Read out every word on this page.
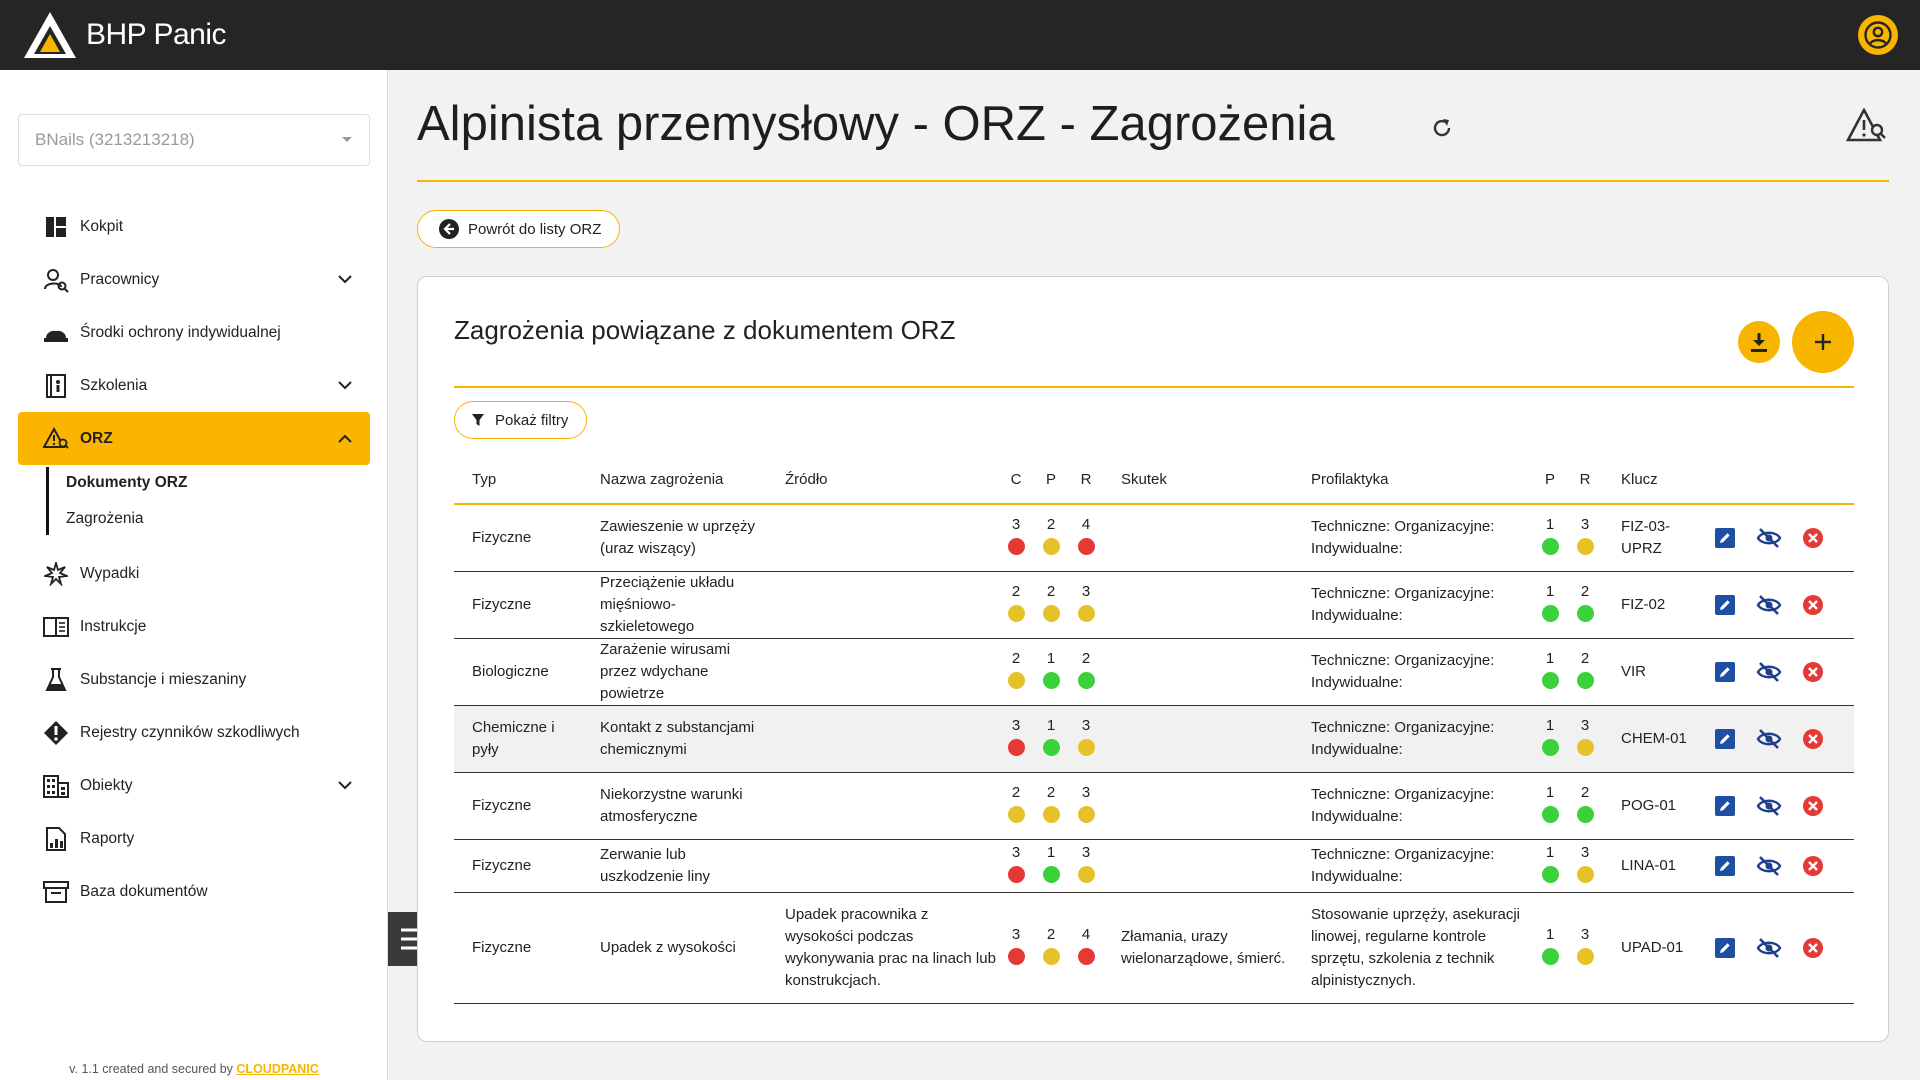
BHP Panic
BNails (3213213218)
Kokpit
Pracownicy
Środki ochrony indywidualnej
Szkolenia
ORZ
Dokumenty ORZ
Zagrożenia
Wypadki
Instrukcje
Substancje i mieszaniny
Rejestry czynników szkodliwych
Obiekty
Raporty
Baza dokumentów
v. 1.1 created and secured by CLOUDPANIC
Alpinista przemysłowy - ORZ - Zagrożenia
Powrót do listy ORZ
Zagrożenia powiązane z dokumentem ORZ
Pokaż filtry
Typ	Nazwa zagrożenia	Źródło	C	P	R	Skutek	Profilaktyka	P	R	Klucz	
Fizyczne	Zawieszenie w uprzęży (uraz wiszący)		3	2	4		Techniczne: Organizacyjne: Indywidualne:	1	3	FIZ-03-UPRZ	

Fizyczne	Przeciążenie układu mięśniowo-szkieletowego		2	2	3		Techniczne: Organizacyjne: Indywidualne:	1	2	FIZ-02	

Biologiczne	Zarażenie wirusami przez wdychane powietrze		2	1	2		Techniczne: Organizacyjne: Indywidualne:	1	2	VIR	

Chemiczne i pyły	Kontakt z substancjami chemicznymi		3	1	3		Techniczne: Organizacyjne: Indywidualne:	1	3	CHEM-01	

Fizyczne	Niekorzystne warunki atmosferyczne		2	2	3		Techniczne: Organizacyjne: Indywidualne:	1	2	POG-01	

Fizyczne	Zerwanie lub uszkodzenie liny		3	1	3		Techniczne: Organizacyjne: Indywidualne:	1	3	LINA-01	

Fizyczne	Upadek z wysokości	Upadek pracownika z wysokości podczas wykonywania prac na linach lub konstrukcjach.	3	2	4	Złamania, urazy wielonarządowe, śmierć.	Stosowanie uprzęży, asekuracji linowej, regularne kontrole sprzętu, szkolenia z technik alpinistycznych.	1	3	UPAD-01	
